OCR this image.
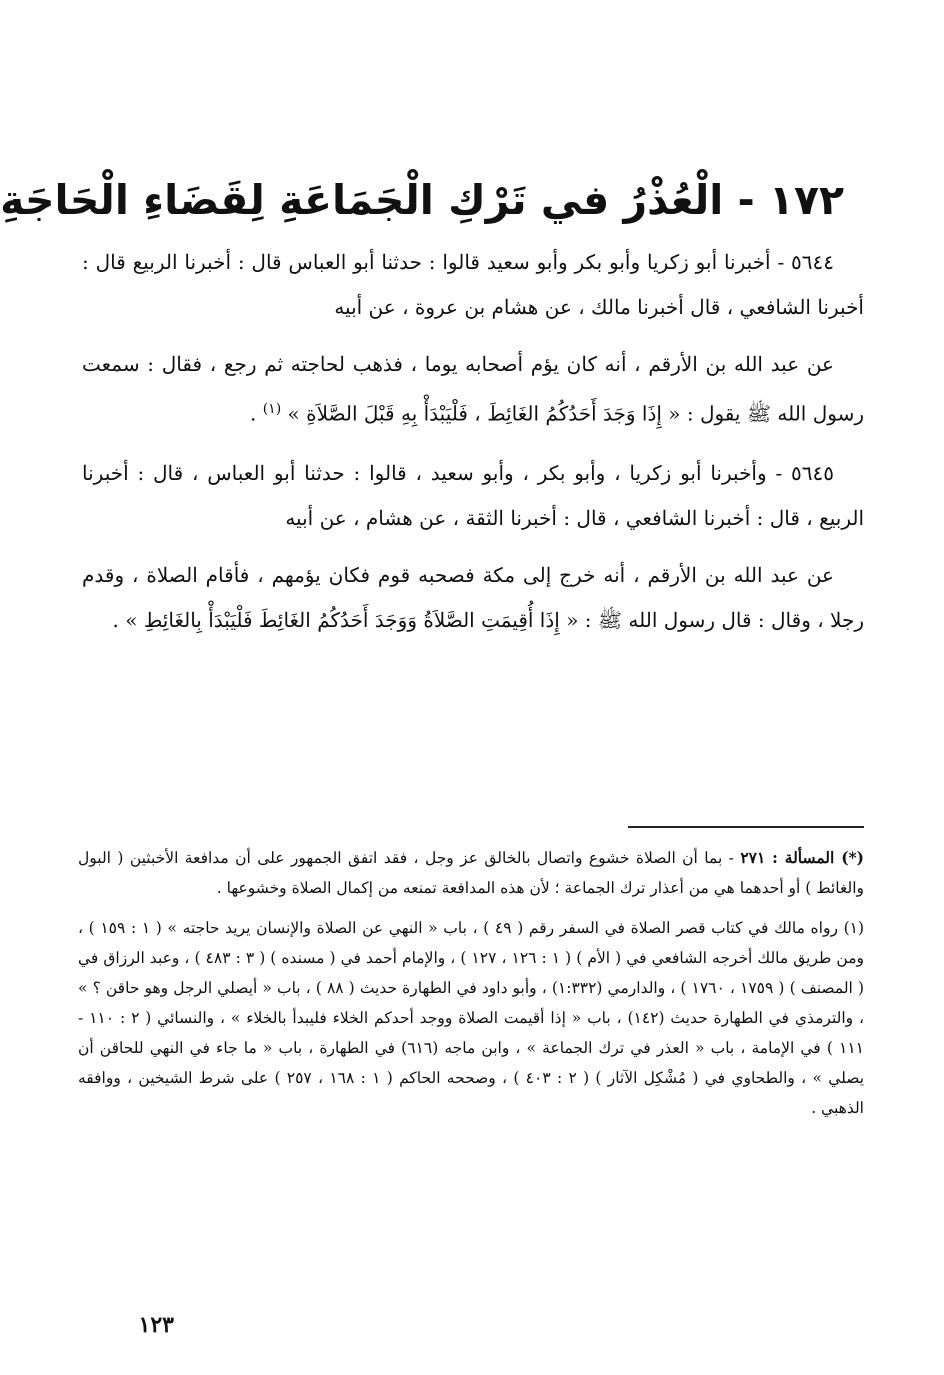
١٧٢ - الْعُذْرُ في تَرْكِ الْجَمَاعَةِ لِقَضَاءِ الْحَاجَةِ

٥٦٤٤ - أخبرنا أبو زكريا وأبو بكر وأبو سعيد قالوا : حدثنا أبو العباس قال : أخبرنا الربيع قال : أخبرنا الشافعي ، قال أخبرنا مالك ، عن هشام بن عروة ، عن أبيه

عن عبد الله بن الأرقم ، أنه كان يؤم أصحابه يوما ، فذهب لحاجته ثم رجع ، فقال : سمعت رسول الله ﷺ يقول : « إِذَا وَجَدَ أَحَدُكُمُ الغَائِطَ ، فَلْيَبْدَأْ بِهِ قَبْلَ الصَّلاَةِ » $^{(١)}$ .

٥٦٤٥ - وأخبرنا أبو زكريا ، وأبو بكر ، وأبو سعيد ، قالوا : حدثنا أبو العباس ، قال : أخبرنا الربيع ، قال : أخبرنا الشافعي ، قال : أخبرنا الثقة ، عن هشام ، عن أبيه

عن عبد الله بن الأرقم ، أنه خرج إلى مكة فصحبه قوم فكان يؤمهم ، فأقام الصلاة ، وقدم رجلا ، وقال : قال رسول الله ﷺ : « إِذَا أُقِيمَتِ الصَّلاَةُ وَوَجَدَ أَحَدُكُمُ الغَائِطَ فَلْيَبْدَأْ بِالغَائِطِ » .

(*) المسألة : ٢٧١ - بما أن الصلاة خشوع واتصال بالخالق عز وجل ، فقد اتفق الجمهور على أن مدافعة الأخبثين ( البول والغائط ) أو أحدهما هي من أعذار ترك الجماعة ؛ لأن هذه المدافعة تمنعه من إكمال الصلاة وخشوعها .

(١) رواه مالك في كتاب قصر الصلاة في السفر رقم ( ٤٩ ) ، باب « النهي عن الصلاة والإنسان يريد حاجته » ( ١ : ١٥٩ ) ، ومن طريق مالك أخرجه الشافعي في ( الأم ) ( ١ : ١٢٦ ، ١٢٧ ) ، والإمام أحمد في ( مسنده ) ( ٣ : ٤٨٣ ) ، وعبد الرزاق في ( المصنف ) ( ١٧٥٩ ، ١٧٦٠ ) ، والدارمي (١:٣٣٢) ، وأبو داود في الطهارة حديث ( ٨٨ ) ، باب « أيصلي الرجل وهو حاقن ؟ » ، والترمذي في الطهارة حديث (١٤٢) ، باب « إذا أقيمت الصلاة ووجد أحدكم الخلاء فليبدأ بالخلاء » ، والنسائي ( ٢ : ١١٠ - ١١١ ) في الإمامة ، باب « العذر في ترك الجماعة » ، وابن ماجه (٦١٦) في الطهارة ، باب « ما جاء في النهي للحاقن أن يصلي » ، والطحاوي في ( مُشْكِل الآثار ) ( ٢ : ٤٠٣ ) ، وصححه الحاكم ( ١ : ١٦٨ ، ٢٥٧ ) على شرط الشيخين ، ووافقه الذهبي .

١٢٣
